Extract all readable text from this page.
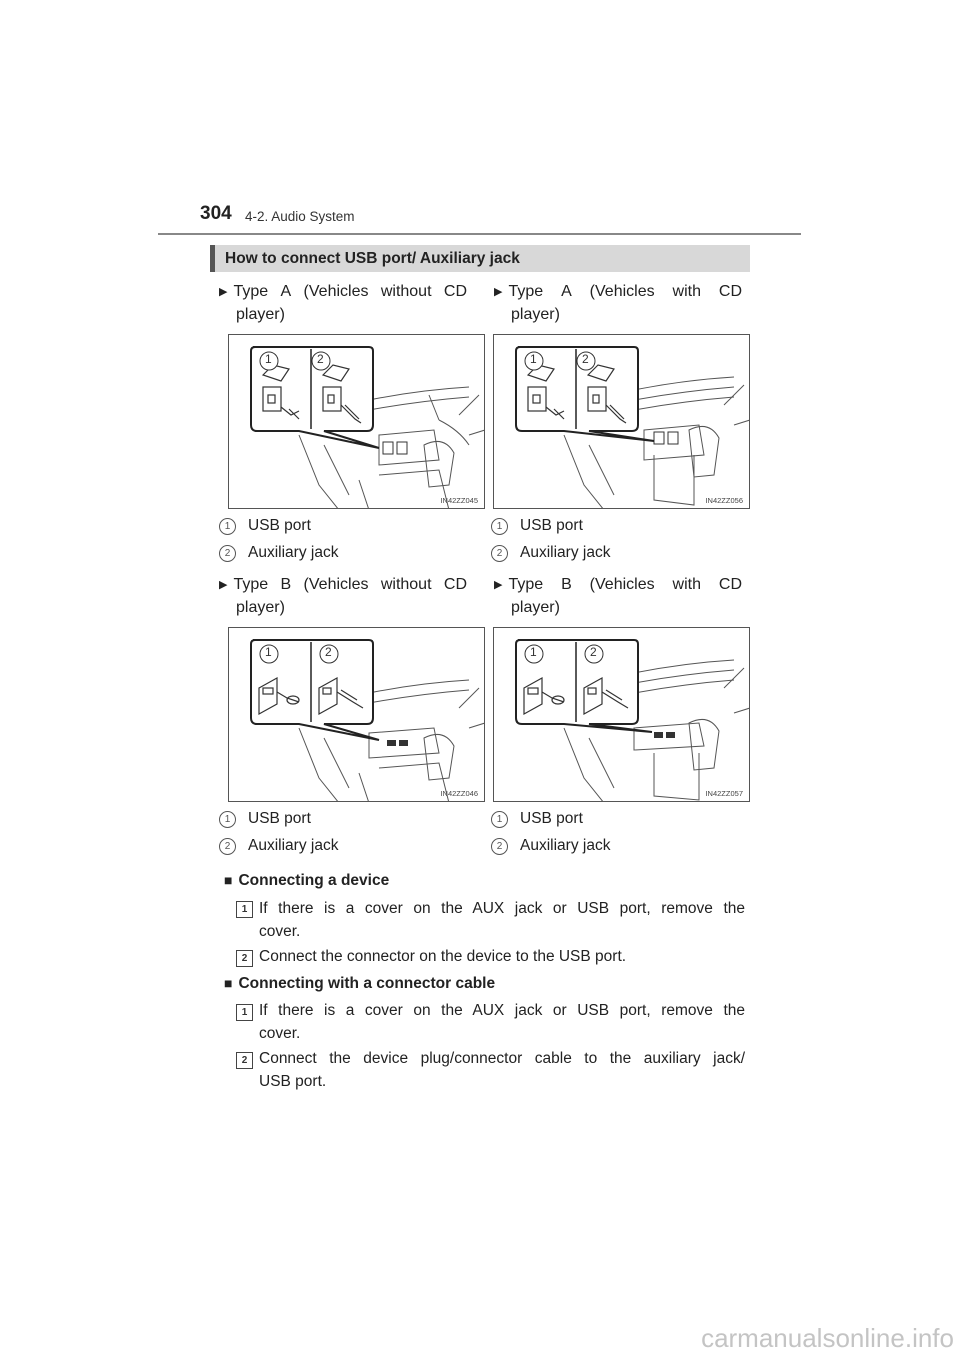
304 4-2. Audio System
How to connect USB port/ Auxiliary jack
▶ Type A (Vehicles without CD
player)
▶ Type A (Vehicles with CD
player)
1	2
IN42ZZ045
1	2
IN42ZZ056
1 USB port
2 Auxiliary jack
1 USB port
2 Auxiliary jack
▶ Type B (Vehicles without CD
player)
▶ Type B (Vehicles with CD
player)
1	2
IN42ZZ046
1	2
IN42ZZ057
1 USB port
2 Auxiliary jack
1 USB port
2 Auxiliary jack
■ Connecting a device
1 If there is a cover on the AUX jack or USB port, remove the
cover.
2 Connect the connector on the device to the USB port.
■ Connecting with a connector cable
1 If there is a cover on the AUX jack or USB port, remove the
cover.
2 Connect the device plug/connector cable to the auxiliary jack/
USB port.
carmanualsonline.info
